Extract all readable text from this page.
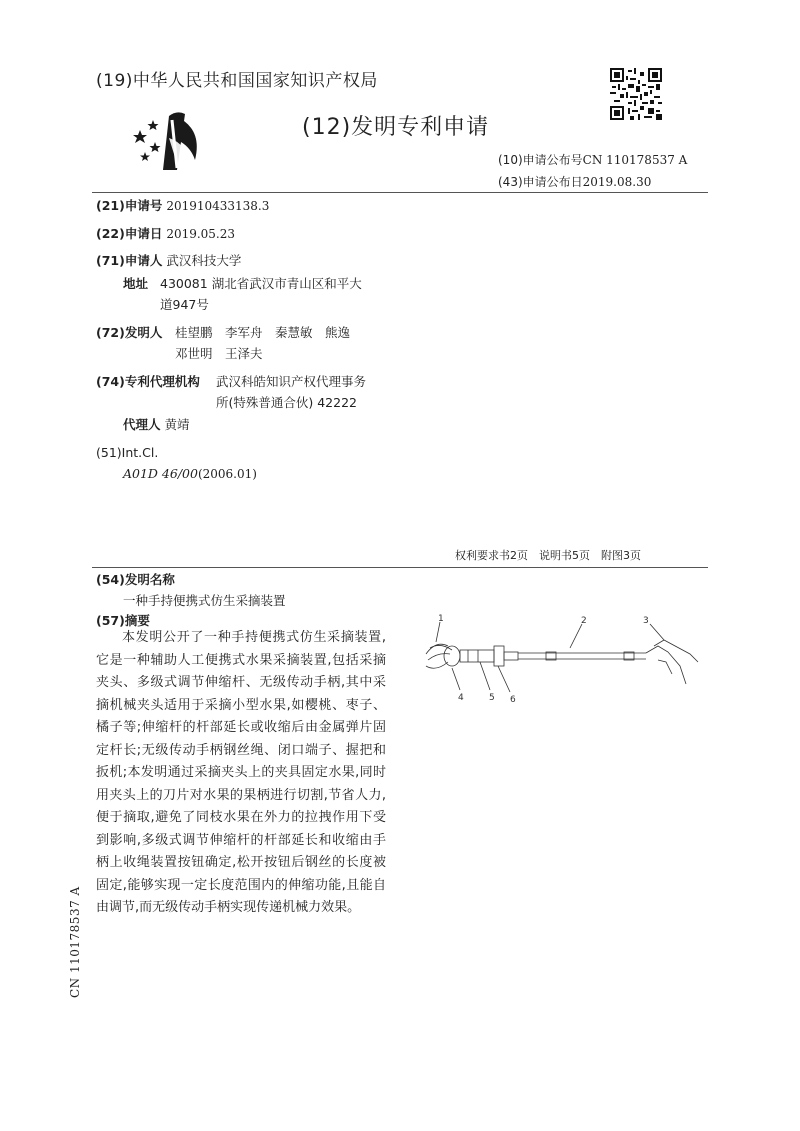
(19)中华人民共和国国家知识产权局
(12)发明专利申请
(10)申请公布号CN 110178537 A
(43)申请公布日2019.08.30
(21)申请号 201910433138.3
(22)申请日 2019.05.23
(71)申请人 武汉科技大学
地址 430081 湖北省武汉市青山区和平大
道947号
(72)发明人 桂望鹏　李军舟　秦慧敏　熊逸
邓世明　王泽夫
(74)专利代理机构 武汉科皓知识产权代理事务
所(特殊普通合伙) 42222
代理人 黄靖
(51)Int.Cl.
A01D 46/00(2006.01)
权利要求书2页　说明书5页　附图3页
(54)发明名称
一种手持便携式仿生采摘装置
(57)摘要
本发明公开了一种手持便携式仿生采摘装置,它是一种辅助人工便携式水果采摘装置,包括采摘夹头、多级式调节伸缩杆、无级传动手柄,其中采摘机械夹头适用于采摘小型水果,如樱桃、枣子、橘子等;伸缩杆的杆部延长或收缩后由金属弹片固定杆长;无级传动手柄钢丝绳、闭口端子、握把和扳机;本发明通过采摘夹头上的夹具固定水果,同时用夹头上的刀片对水果的果柄进行切割,节省人力,便于摘取,避免了同枝水果在外力的拉拽作用下受到影响,多级式调节伸缩杆的杆部延长和收缩由手柄上收绳装置按钮确定,松开按钮后钢丝的长度被固定,能够实现一定长度范围内的伸缩功能,且能自由调节,而无级传动手柄实现传递机械力效果。
1	2	3
4	5 6
CN 110178537 A
